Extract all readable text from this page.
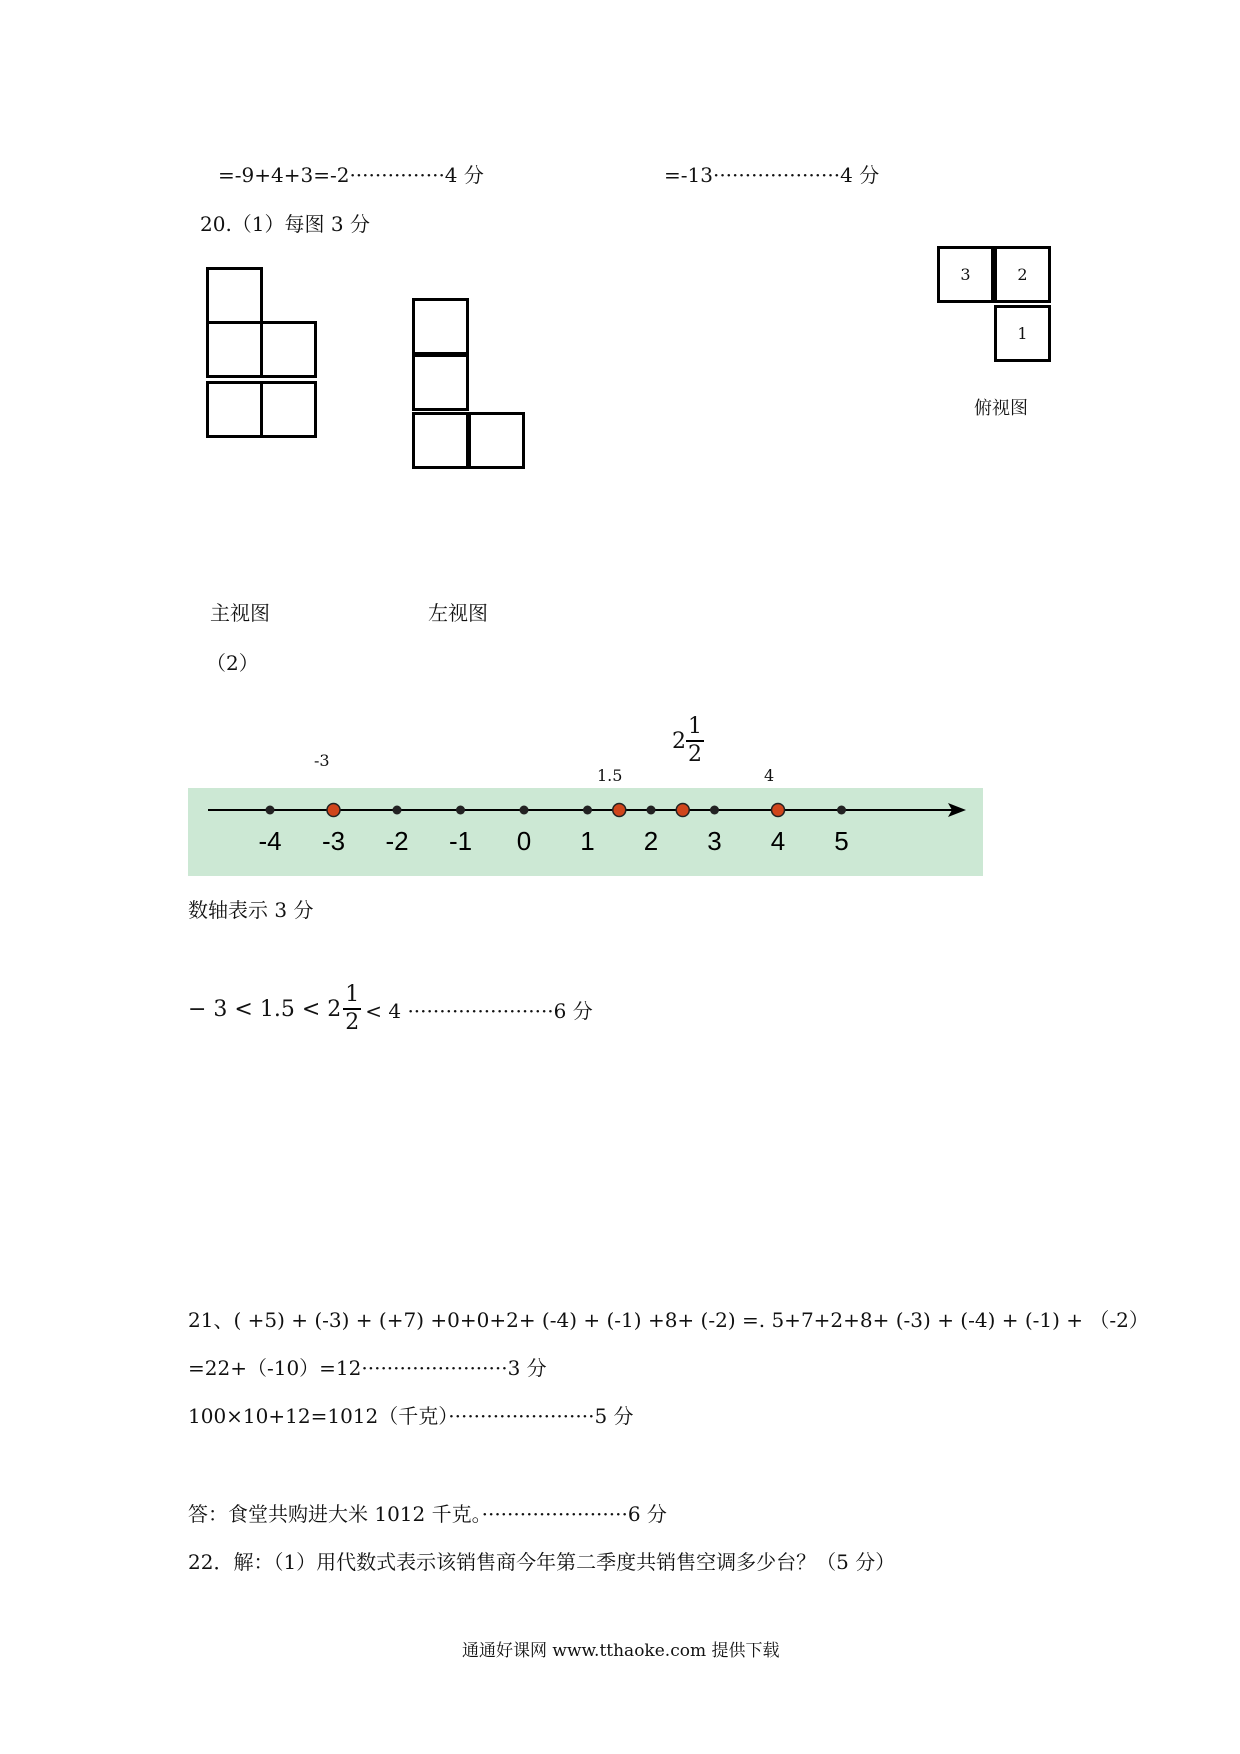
=-9+4+3=-2···············4 分	=-13····················4 分
20.（1）每图 3 分
3	2
1
俯视图
主视图	左视图
（2）
-3
1.5
$2 \frac{1}{2}$
4
-4 -3 -2 -1 0 1 2 3 4 5
数轴表示 3 分
− $3 < 1.5 < 2 \frac{1}{2} < 4 \cdot\cdot\cdot\cdot\cdot\cdot\cdot\cdot\cdot\cdot\cdot\cdot\cdot\cdot\cdot\cdot\cdot\cdot\cdot\cdot\cdot\cdot\cdot 6$ 分
21、( +5) + (-3) + (+7) +0+0+2+ (-4) + (-1) +8+ (-2) =. 5+7+2+8+ (-3) + (-4) + (-1) + （-2）
=22+（-10）=12·······················3 分
100×10+12=1012（千克）·······················5 分
答：食堂共购进大米 1012 千克。·······················6 分
22．解：（1）用代数式表示该销售商今年第二季度共销售空调多少台？（5 分）
通通好课网 www.tthaoke.com 提供下载
